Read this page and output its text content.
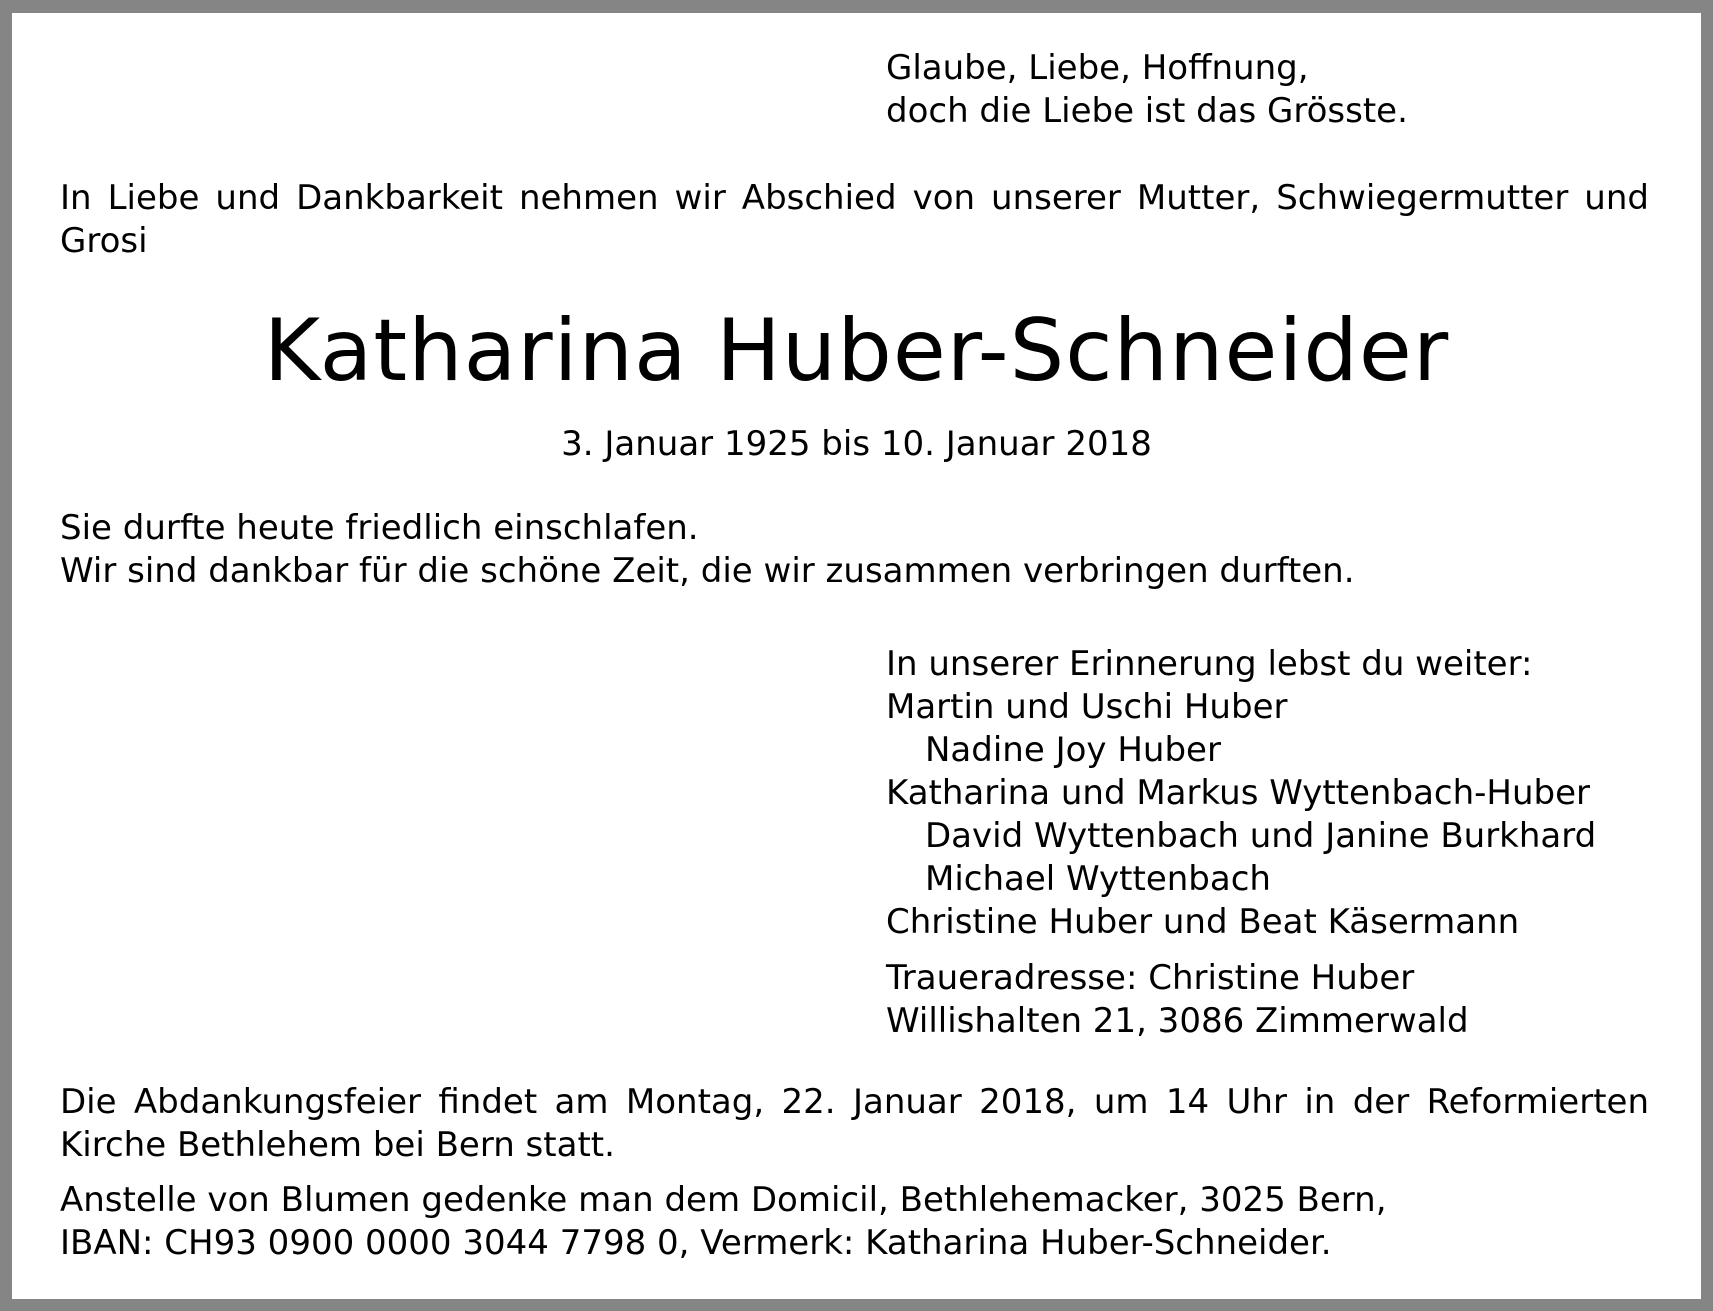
Glaube, Liebe, Hoffnung,
doch die Liebe ist das Grösste.
In Liebe und Dankbarkeit nehmen wir Abschied von unserer Mutter, Schwiegermutter und Grosi
Katharina Huber-Schneider
3. Januar 1925 bis 10. Januar 2018
Sie durfte heute friedlich einschlafen.
Wir sind dankbar für die schöne Zeit, die wir zusammen verbringen durften.
In unserer Erinnerung lebst du weiter:
Martin und Uschi Huber
Nadine Joy Huber
Katharina und Markus Wyttenbach-Huber
David Wyttenbach und Janine Burkhard
Michael Wyttenbach
Christine Huber und Beat Käsermann
Traueradresse: Christine Huber
Willishalten 21, 3086 Zimmerwald
Die Abdankungsfeier findet am Montag, 22. Januar 2018, um 14 Uhr in der Reformierten Kirche Bethlehem bei Bern statt.
Anstelle von Blumen gedenke man dem Domicil, Bethlehemacker, 3025 Bern,
IBAN: CH93 0900 0000 3044 7798 0, Vermerk: Katharina Huber-Schneider.
